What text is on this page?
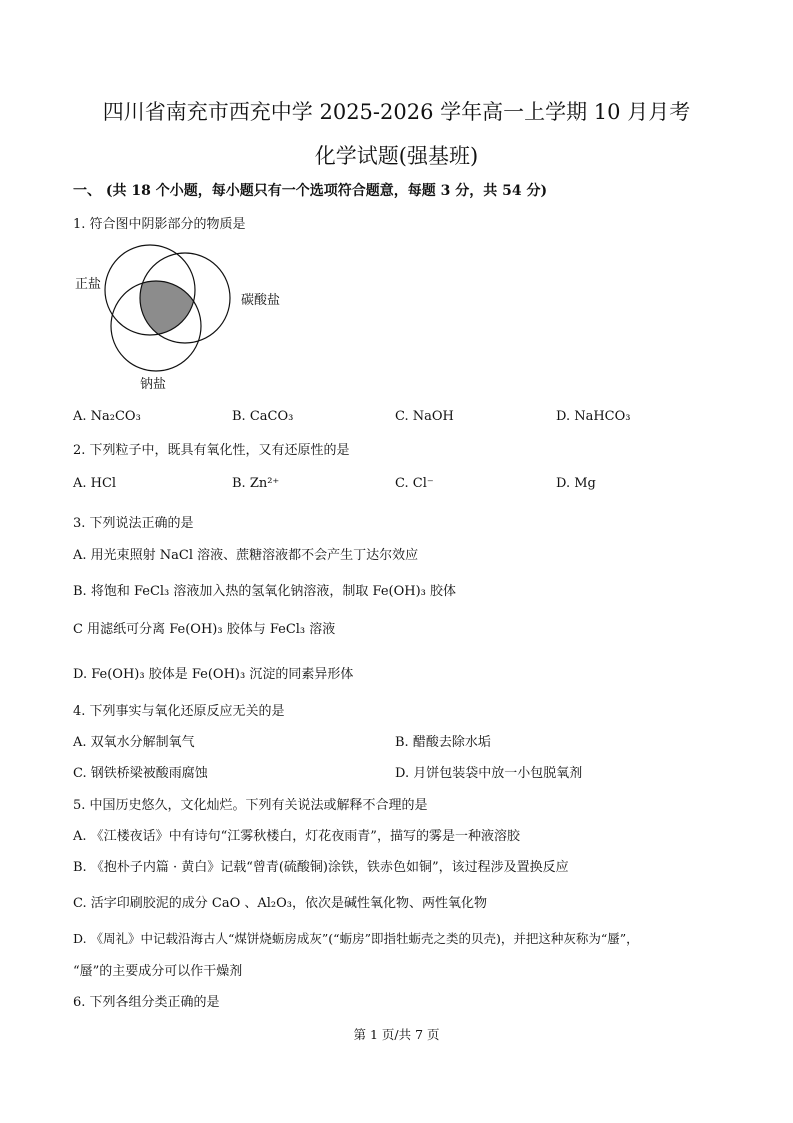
四川省南充市西充中学 2025-2026 学年高一上学期 10 月月考
化学试题(强基班)
一、 (共 18 个小题，每小题只有一个选项符合题意，每题 3 分，共 54 分)
1. 符合图中阴影部分的物质是
正盐
碳酸盐
钠盐
A. Na₂CO₃	B. CaCO₃	C. NaOH	D. NaHCO₃
2. 下列粒子中，既具有氧化性，又有还原性的是
A. HCl	B. Zn²⁺	C. Cl⁻	D. Mg
3. 下列说法正确的是
A. 用光束照射 NaCl 溶液、蔗糖溶液都不会产生丁达尔效应
B. 将饱和 FeCl₃ 溶液加入热的氢氧化钠溶液，制取 Fe(OH)₃ 胶体
C 用滤纸可分离 Fe(OH)₃ 胶体与 FeCl₃ 溶液
D. Fe(OH)₃ 胶体是 Fe(OH)₃ 沉淀的同素异形体
4. 下列事实与氧化还原反应无关的是
A. 双氧水分解制氧气	B. 醋酸去除水垢
C. 钢铁桥梁被酸雨腐蚀	D. 月饼包装袋中放一小包脱氧剂
5. 中国历史悠久，文化灿烂。下列有关说法或解释不合理的是
A. 《江楼夜话》中有诗句“江雾秋楼白，灯花夜雨青”，描写的雾是一种液溶胶
B. 《抱朴子内篇 · 黄白》记载“曾青(硫酸铜)涂铁，铁赤色如铜”，该过程涉及置换反应
C. 活字印刷胶泥的成分 CaO 、Al₂O₃，依次是碱性氧化物、两性氧化物
D. 《周礼》中记载沿海古人“煤饼烧蛎房成灰”(“蛎房”即指牡蛎壳之类的贝壳)，并把这种灰称为“蜃”，
“蜃”的主要成分可以作干燥剂
6. 下列各组分类正确的是
第 1 页/共 7 页
